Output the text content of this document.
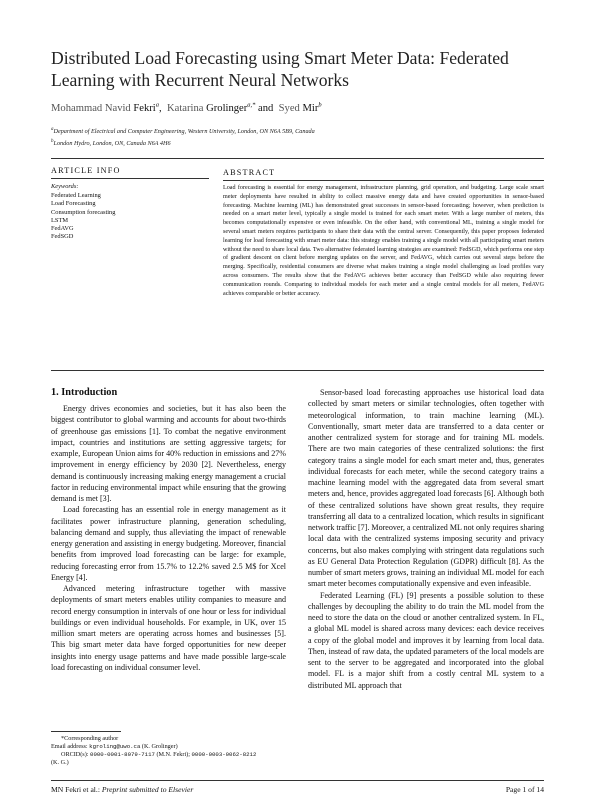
Distributed Load Forecasting using Smart Meter Data: Federated Learning with Recurrent Neural Networks
Mohammad Navid Fekri$^a$,  Katarina Grolinger$^{a,*}$ and  Syed Mir$^b$
$^a$Department of Electrical and Computer Engineering, Western University, London, ON N6A 5B9, Canada
$^b$London Hydro, London, ON, Canada N6A 4H6
ARTICLE INFO
Keywords:
Federated Learning
Load Forecasting
Consumption forecasting
LSTM
FedAVG
FedSGD
ABSTRACT
Load forecasting is essential for energy management, infrastructure planning, grid operation, and budgeting. Large scale smart meter deployments have resulted in ability to collect massive energy data and have created opportunities in sensor-based forecasting. Machine learning (ML) has demonstrated great successes in sensor-based forecasting; however, when prediction is needed on a smart meter level, typically a single model is trained for each smart meter. With a large number of meters, this becomes computationally expensive or even infeasible. On the other hand, with conventional ML, training a single model for several smart meters requires participants to share their data with the central server. Consequently, this paper proposes federated learning for load forecasting with smart meter data: this strategy enables training a single model with all participating smart meters without the need to share local data. Two alternative federated learning strategies are examined: FedSGD, which performs one step of gradient descent on client before merging updates on the server, and FedAVG, which carries out several steps before the merging. Specifically, residential consumers are diverse what makes training a single model challenging as load profiles vary across consumers. The results show that the FedAVG achieves better accuracy than FedSGD while also requiring fewer communication rounds. Comparing to individual models for each meter and a single central models for all meters, FedAVG achieves comparable or better accuracy.
1. Introduction

Energy drives economies and societies, but it has also been the biggest contributor to global warming and accounts for about two-thirds of greenhouse gas emissions [1]. To combat the negative environment impact, countries and institutions are setting aggressive targets; for example, European Union aims for 40% reduction in emissions and 27% improvement in energy efficiency by 2030 [2]. Nevertheless, energy demand is continuously increasing making energy management a crucial factor in reducing environmental impact while ensuring that the growing demand is met [3].

Load forecasting has an essential role in energy management as it facilitates power infrastructure planning, generation scheduling, balancing demand and supply, thus alleviating the impact of renewable energy generation and assisting in energy budgeting. Moreover, financial benefits from improved load forecasting can be large: for example, reducing forecasting error from 15.7% to 12.2% saved 2.5 M$ for Xcel Energy [4].

Advanced metering infrastructure together with massive deployments of smart meters enables utility companies to measure and record energy consumption in intervals of one hour or less for individual buildings or even individual households. For example, in UK, over 15 million smart meters are operating across homes and businesses [5]. This big smart meter data have forged opportunities for new deeper insights into energy usage patterns and have made possible large-scale load forecasting on individual consumer level.

Sensor-based load forecasting approaches use historical load data collected by smart meters or similar technologies, often together with meteorological information, to train machine learning (ML). Conventionally, smart meter data are transferred to a data center or another centralized system for storage and for training ML models. There are two main categories of these centralized solutions: the first category trains a single model for each smart meter and, thus, generates individual forecasts for each meter, while the second category trains a machine learning model with the aggregated data from several smart meters and, hence, provides aggregated load forecasts [6]. Although both of these centralized solutions have shown great results, they require transferring all data to a centralized location, which results in significant network traffic [7]. Moreover, a centralized ML not only requires sharing local data with the centralized systems imposing security and privacy concerns, but also makes complying with stringent data regulations such as EU General Data Protection Regulation (GDPR) difficult [8]. As the number of smart meters grows, training an individual ML model for each smart meter becomes computationally expensive and even infeasible.

Federated Learning (FL) [9] presents a possible solution to these challenges by decoupling the ability to do train the ML model from the need to store the data on the cloud or another centralized system. In FL, a global ML model is shared across many devices: each device receives a copy of the global model and improves it by learning from local data. Then, instead of raw data, the updated parameters of the local models are sent to the server to be aggregated and incorporated into the global model. FL is a major shift from a costly central ML system to a distributed ML approach that

*Corresponding author
Email address: kgroling@uwo.ca (K. Grolinger)
ORCID(s): 0000-0001-8079-7117 (M.N. Fekri); 0000-0003-0062-8212
(K. G.)
MN Fekri et al.: Preprint submitted to Elsevier	Page 1 of 14
